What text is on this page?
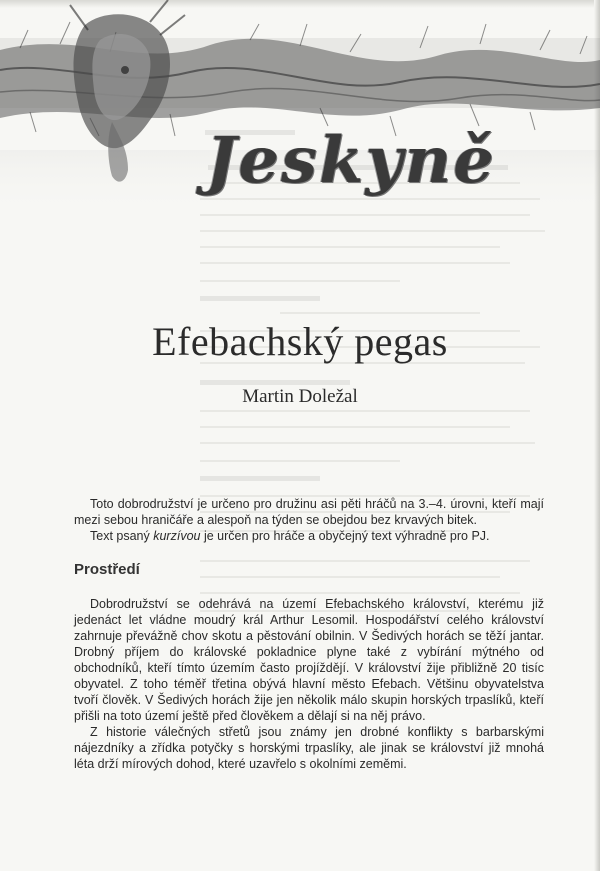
Jeskyně
Efebachský pegas
Martin Doležal

Toto dobrodružství je určeno pro družinu asi pěti hráčů na 3.–4. úrovni, kteří mají mezi sebou hraničáře a alespoň na týden se obejdou bez krvavých bitek.

Text psaný kurzívou je určen pro hráče a obyčejný text výhradně pro PJ.

Prostředí

Dobrodružství se odehrává na území Efebachského království, kterému již jedenáct let vládne moudrý král Arthur Lesomil. Hospodářství celého království zahrnuje převážně chov skotu a pěstování obilnin. V Šedivých horách se těží jantar. Drobný příjem do královské pokladnice plyne také z vybírání mýtného od obchodníků, kteří tímto územím často projíždějí. V království žije přibližně 20 tisíc obyvatel. Z toho téměř třetina obývá hlavní město Efebach. Většinu obyvatelstva tvoří člověk. V Šedivých horách žije jen několik málo skupin horských trpaslíků, kteří přišli na toto území ještě před člověkem a dělají si na něj právo.

Z historie válečných střetů jsou známy jen drobné konflikty s barbarskými nájezdníky a zřídka potyčky s horskými trpaslíky, ale jinak se království již mnohá léta drží mírových dohod, které uzavřelo s okolními zeměmi.
